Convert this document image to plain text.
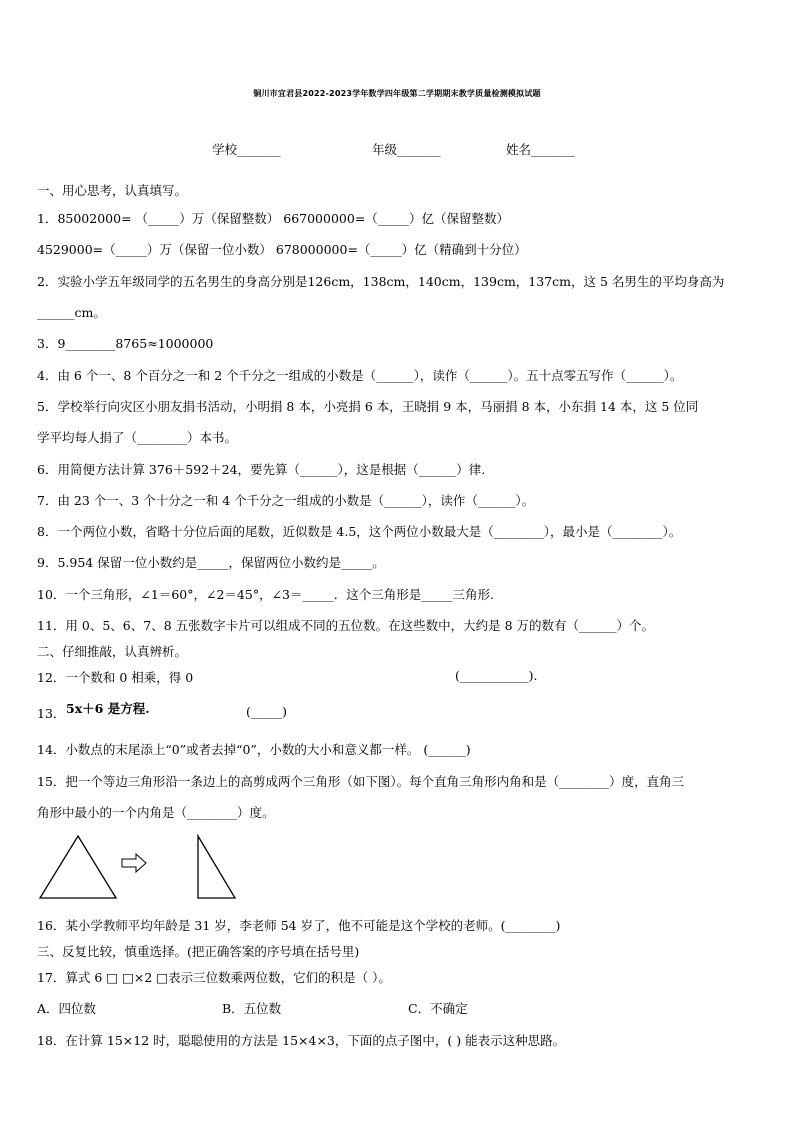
铜川市宜君县2022-2023学年数学四年级第二学期期末教学质量检测模拟试题
学校_______	年级_______	姓名_______
一、用心思考，认真填写。
1．85002000= （_____）万（保留整数） 667000000=（_____）亿（保留整数）
4529000=（_____）万（保留一位小数） 678000000=（_____）亿（精确到十分位）
2．实验小学五年级同学的五名男生的身高分别是126cm，138cm，140cm，139cm，137cm，这 5 名男生的平均身高为
______cm。
3．9________8765≈1000000
4．由 6 个一、8 个百分之一和 2 个千分之一组成的小数是（______），读作（______）。五十点零五写作（______）。
5．学校举行向灾区小朋友捐书活动，小明捐 8 本，小亮捐 6 本，王晓捐 9 本，马丽捐 8 本，小东捐 14 本，这 5 位同
学平均每人捐了（________）本书。
6．用简便方法计算 376＋592＋24，要先算（______），这是根据（______）律.
7．由 23 个一、3 个十分之一和 4 个千分之一组成的小数是（______），读作（______）。
8．一个两位小数，省略十分位后面的尾数，近似数是 4.5，这个两位小数最大是（________），最小是（________）。
9．5.954 保留一位小数约是_____，保留两位小数约是_____。
10．一个三角形，∠1＝60°，∠2＝45°，∠3＝_____．这个三角形是_____三角形.
11．用 0、5、6、7、8 五张数字卡片可以组成不同的五位数。在这些数中，大约是 8 万的数有（______）个。
二、仔细推敲，认真辨析。
12．一个数和 0 相乘，得 0	(___________).
13． 5x＋6 是方程.	(_____)
14．小数点的末尾添上“0”或者去掉“0”，小数的大小和意义都一样。 (______)
15．把一个等边三角形沿一条边上的高剪成两个三角形（如下图）。每个直角三角形内角和是（________）度，直角三
角形中最小的一个内角是（________）度。
16．某小学教师平均年龄是 31 岁，李老师 54 岁了，他不可能是这个学校的老师。(________)
三、反复比较，慎重选择。(把正确答案的序号填在括号里)
17．算式 6 □ □×2 □表示三位数乘两位数，它们的积是（ ）。
A．四位数	B．五位数	C．不确定
18．在计算 15×12 时，聪聪使用的方法是 15×4×3，下面的点子图中，( ) 能表示这种思路。
